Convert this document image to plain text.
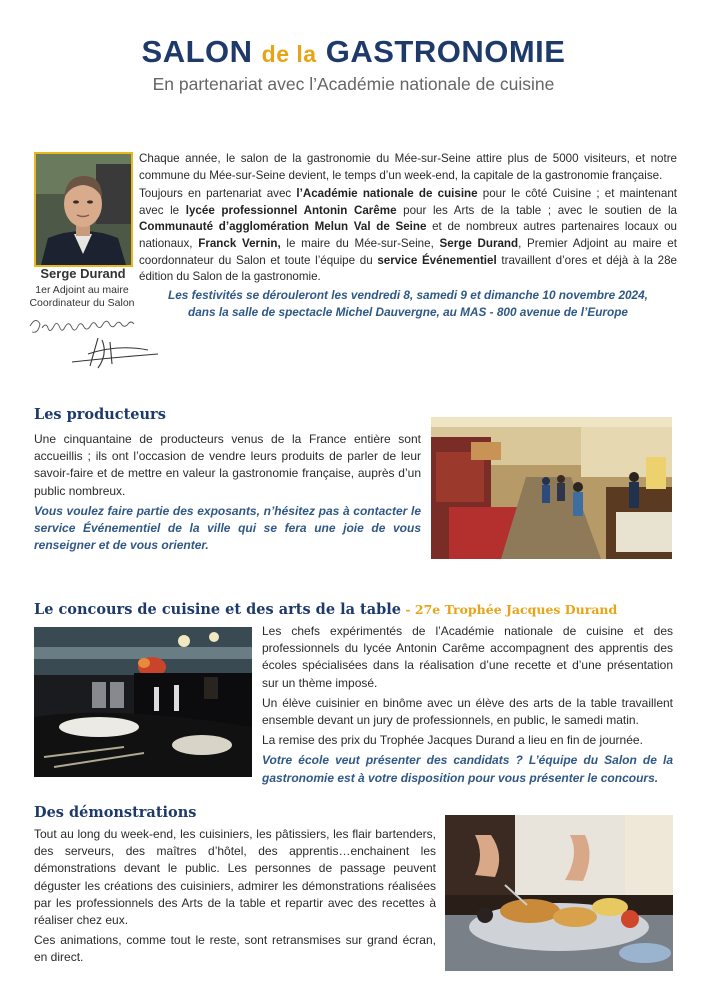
SALON de la GASTRONOMIE
En partenariat avec l’Académie nationale de cuisine
Serge Durand
1er Adjoint au maire
Coordinateur du Salon

Chaque année, le salon de la gastronomie du Mée-sur-Seine attire plus de 5000 visiteurs, et notre commune du Mée-sur-Seine devient, le temps d’un week-end, la capitale de la gastronomie française.

Toujours en partenariat avec l’Académie nationale de cuisine pour le côté Cuisine ; et maintenant avec le lycée professionnel Antonin Carême pour les Arts de la table ; avec le soutien de la Communauté d’agglomération Melun Val de Seine et de nombreux autres partenaires locaux ou nationaux, Franck Vernin, le maire du Mée-sur-Seine, Serge Durand, Premier Adjoint au maire et coordonnateur du Salon et toute l’équipe du service Événementiel travaillent d’ores et déjà à la 28e édition du Salon de la gastronomie.

Les festivités se dérouleront les vendredi 8, samedi 9 et dimanche 10 novembre 2024,
dans la salle de spectacle Michel Dauvergne, au MAS - 800 avenue de l’Europe
Les producteurs

Une cinquantaine de producteurs venus de la France entière sont accueillis ; ils ont l’occasion de vendre leurs produits de parler de leur savoir-faire et de mettre en valeur la gastronomie française, auprès d’un public nombreux.

Vous voulez faire partie des exposants, n’hésitez pas à contacter le service Événementiel de la ville qui se fera une joie de vous renseigner et de vous orienter.

Le concours de cuisine et des arts de la table - 27e Trophée Jacques Durand

Les chefs expérimentés de l’Académie nationale de cuisine et des professionnels du lycée Antonin Carême accompagnent des apprentis des écoles spécialisées dans la réalisation d’une recette et d’une présentation sur un thème imposé.

Un élève cuisinier en binôme avec un élève des arts de la table travaillent ensemble devant un jury de professionnels, en public, le samedi matin.

La remise des prix du Trophée Jacques Durand a lieu en fin de journée.

Votre école veut présenter des candidats ? L’équipe du Salon de la gastronomie est à votre disposition pour vous présenter le concours.

Des démonstrations

Tout au long du week-end, les cuisiniers, les pâtissiers, les flair bartenders, des serveurs, des maîtres d’hôtel, des apprentis…enchainent les démonstrations devant le public. Les personnes de passage peuvent déguster les créations des cuisiniers, admirer les démonstrations réalisées par les professionnels des Arts de la table et repartir avec des recettes à réaliser chez eux.

Ces animations, comme tout le reste, sont retransmises sur grand écran, en direct.
